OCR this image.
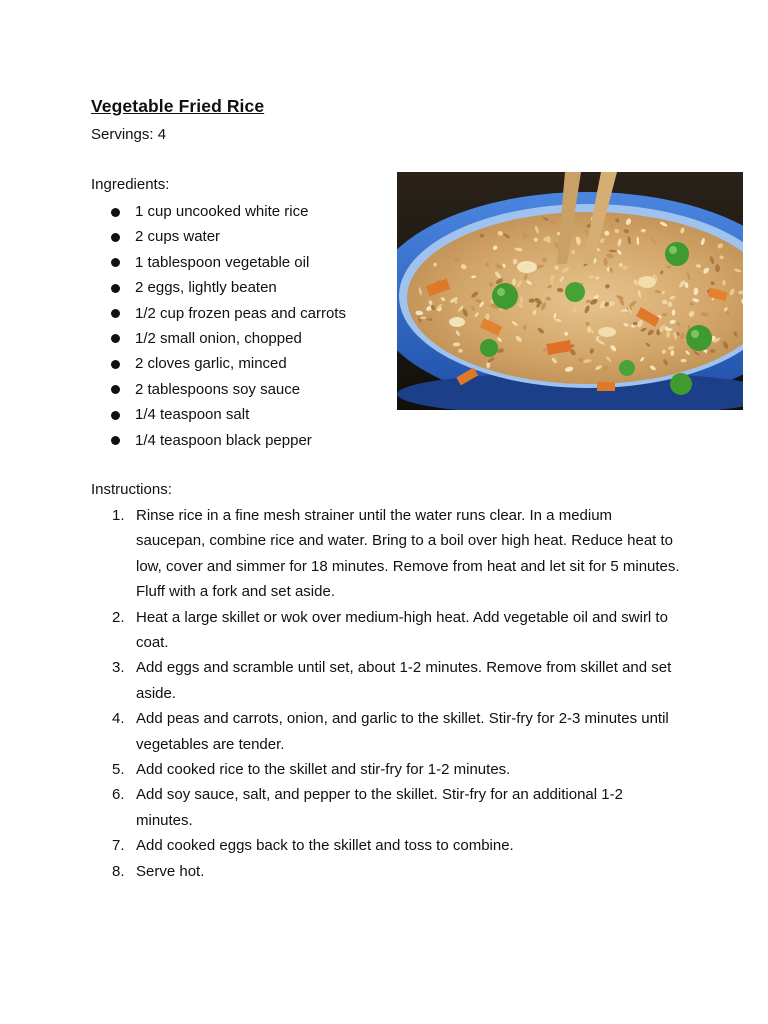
Vegetable Fried Rice
Servings: 4
Ingredients:
1 cup uncooked white rice
2 cups water
1 tablespoon vegetable oil
2 eggs, lightly beaten
1/2 cup frozen peas and carrots
1/2 small onion, chopped
2 cloves garlic, minced
2 tablespoons soy sauce
1/4 teaspoon salt
1/4 teaspoon black pepper
Instructions:
1. Rinse rice in a fine mesh strainer until the water runs clear. In a medium saucepan, combine rice and water. Bring to a boil over high heat. Reduce heat to low, cover and simmer for 18 minutes. Remove from heat and let sit for 5 minutes. Fluff with a fork and set aside.
2. Heat a large skillet or wok over medium-high heat. Add vegetable oil and swirl to coat.
3. Add eggs and scramble until set, about 1-2 minutes. Remove from skillet and set aside.
4. Add peas and carrots, onion, and garlic to the skillet. Stir-fry for 2-3 minutes until vegetables are tender.
5. Add cooked rice to the skillet and stir-fry for 1-2 minutes.
6. Add soy sauce, salt, and pepper to the skillet. Stir-fry for an additional 1-2 minutes.
7. Add cooked eggs back to the skillet and toss to combine.
8. Serve hot.
